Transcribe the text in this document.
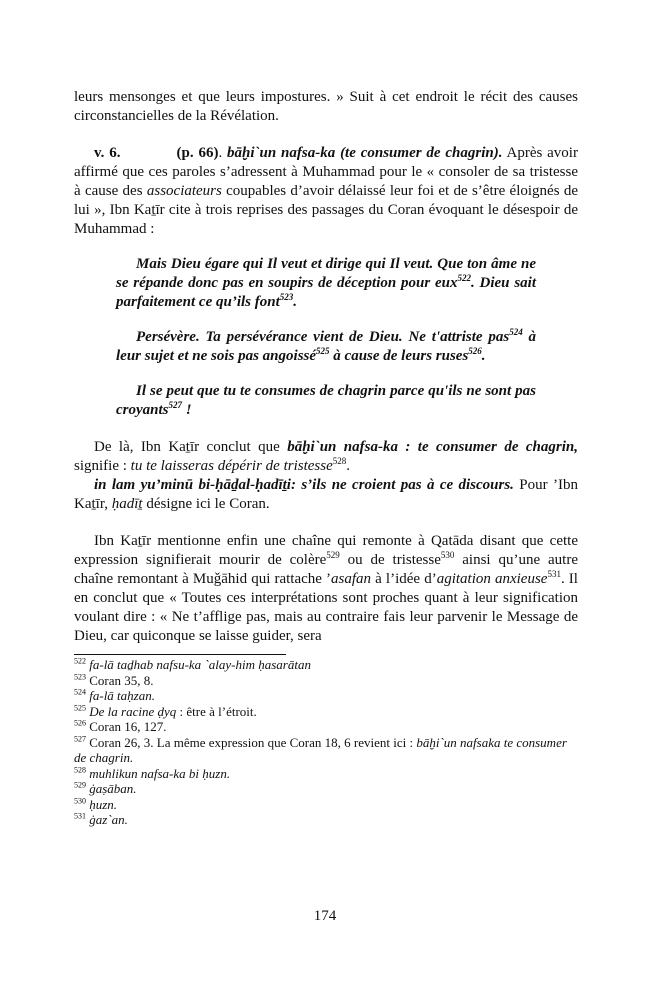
leurs mensonges et que leurs impostures. » Suit à cet endroit le récit des causes circonstancielles de la Révélation.

v. 6.	(p. 66). bāḫi`un nafsa-ka (te consumer de chagrin). Après avoir affirmé que ces paroles s’adressent à Muhammad pour le « consoler de sa tristesse à cause des associateurs coupables d’avoir délaissé leur foi et de s’être éloignés de lui », Ibn Kaṯīr cite à trois reprises des passages du Coran évoquant le désespoir de Muhammad :

Mais Dieu égare qui Il veut et dirige qui Il veut. Que ton âme ne se répande donc pas en soupirs de déception pour eux$^{522}$. Dieu sait parfaitement ce qu’ils font$^{523}$.

Persévère. Ta persévérance vient de Dieu. Ne t'attriste pas$^{524}$ à leur sujet et ne sois pas angoissé$^{525}$ à cause de leurs ruses$^{526}$.

Il se peut que tu te consumes de chagrin parce qu'ils ne sont pas croyants$^{527}$ !

De là, Ibn Kaṯīr conclut que bāḫi`un nafsa-ka : te consumer de chagrin, signifie : tu te laisseras dépérir de tristesse$^{528}$.
in lam yu’minū bi-ḥāḏal-ḥadīṯi: s’ils ne croient pas à ce discours. Pour ’Ibn Kaṯīr, ḥadīṯ désigne ici le Coran.

Ibn Kaṯīr mentionne enfin une chaîne qui remonte à Qatāda disant que cette expression signifierait mourir de colère$^{529}$ ou de tristesse$^{530}$ ainsi qu’une autre chaîne remontant à Muǧāhid qui rattache ’asafan à l’idée d’agitation anxieuse$^{531}$. Il en conclut que « Toutes ces interprétations sont proches quant à leur signification voulant dire : « Ne t’afflige pas, mais au contraire fais leur parvenir le Message de Dieu, car quiconque se laisse guider, sera

$^{522}$ fa-lā taḏhab nafsu-ka `alay-him ḥasarātan

$^{523}$ Coran 35, 8.

$^{524}$ fa-lā taḥzan.

$^{525}$ De la racine ḍyq : être à l’étroit.

$^{526}$ Coran 16, 127.

$^{527}$ Coran 26, 3. La même expression que Coran 18, 6 revient ici : bāḫi`un nafsaka te consumer de chagrin.

$^{528}$ muhlikun nafsa-ka bi ḥuzn.

$^{529}$ ġaṣāban.

$^{530}$ ḥuzn.

$^{531}$ ġaz`an.

174
